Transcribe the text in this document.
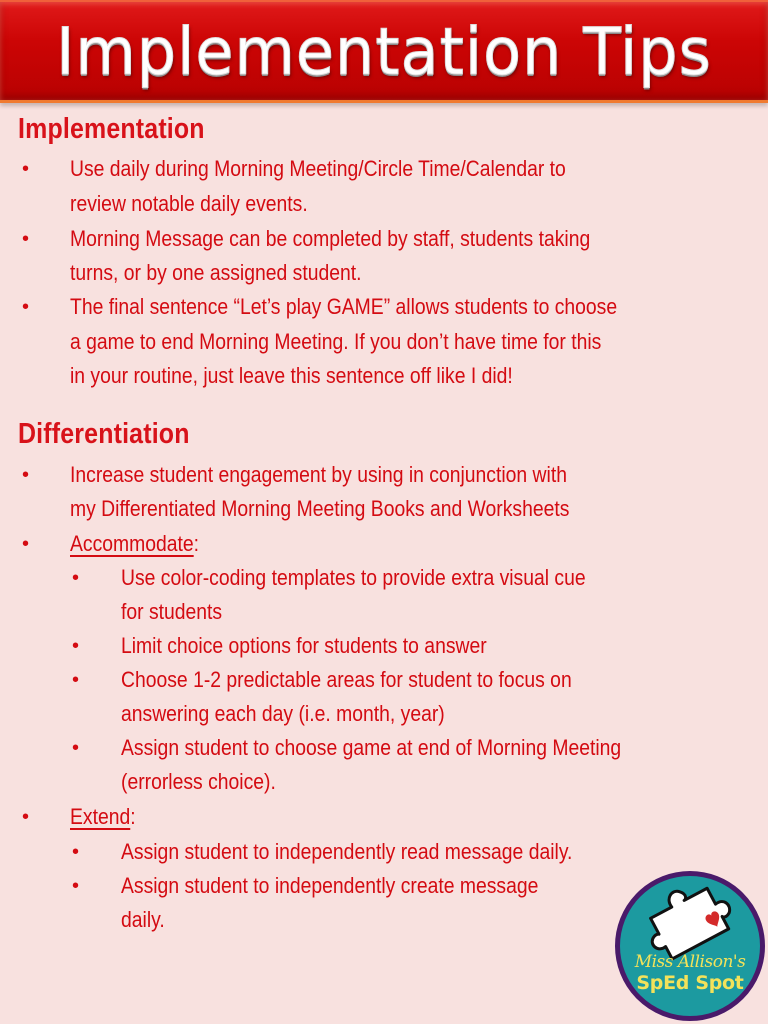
Implementation Tips
Implementation
• Use daily during Morning Meeting/Circle Time/Calendar to
review notable daily events.
• Morning Message can be completed by staff, students taking
turns, or by one assigned student.
• The final sentence “Let’s play GAME” allows students to choose
a game to end Morning Meeting. If you don’t have time for this
in your routine, just leave this sentence off like I did!
Differentiation
• Increase student engagement by using in conjunction with
my Differentiated Morning Meeting Books and Worksheets
• Accommodate:
• Use color-coding templates to provide extra visual cue
for students
• Limit choice options for students to answer
• Choose 1-2 predictable areas for student to focus on
answering each day (i.e. month, year)
• Assign student to choose game at end of Morning Meeting
(errorless choice).
• Extend:
• Assign student to independently read message daily.
• Assign student to independently create message
daily.
Miss Allison's
SpEd Spot
